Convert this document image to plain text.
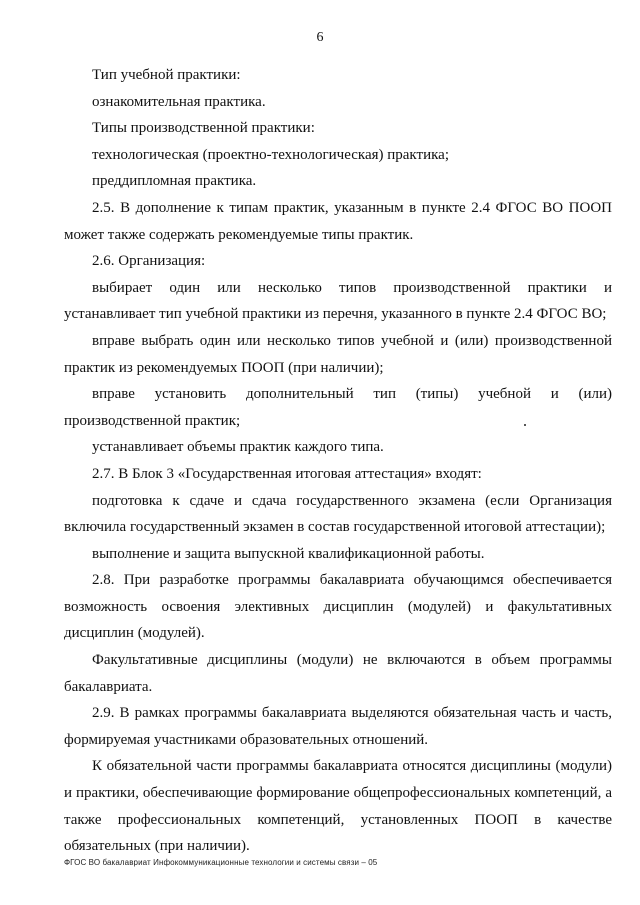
6

Тип учебной практики:

ознакомительная практика.

Типы производственной практики:

технологическая (проектно-технологическая) практика;

преддипломная практика.

2.5. В дополнение к типам практик, указанным в пункте 2.4 ФГОС ВО ПООП может также содержать рекомендуемые типы практик.

2.6. Организация:

выбирает один или несколько типов производственной практики и устанавливает тип учебной практики из перечня, указанного в пункте 2.4 ФГОС ВО;

вправе выбрать один или несколько типов учебной и (или) производственной практик из рекомендуемых ПООП (при наличии);

вправе установить дополнительный тип (типы) учебной и (или) производственной практик;

устанавливает объемы практик каждого типа.

2.7. В Блок 3 «Государственная итоговая аттестация» входят:

подготовка к сдаче и сдача государственного экзамена (если Организация включила государственный экзамен в состав государственной итоговой аттестации);

выполнение и защита выпускной квалификационной работы.

2.8. При разработке программы бакалавриата обучающимся обеспечивается возможность освоения элективных дисциплин (модулей) и факультативных дисциплин (модулей).

Факультативные дисциплины (модули) не включаются в объем программы бакалавриата.

2.9. В рамках программы бакалавриата выделяются обязательная часть и часть, формируемая участниками образовательных отношений.

К обязательной части программы бакалавриата относятся дисциплины (модули) и практики, обеспечивающие формирование общепрофессиональных компетенций, а также профессиональных компетенций, установленных ПООП в качестве обязательных (при наличии).

ФГОС ВО бакалавриат Инфокоммуникационные технологии и системы связи – 05
